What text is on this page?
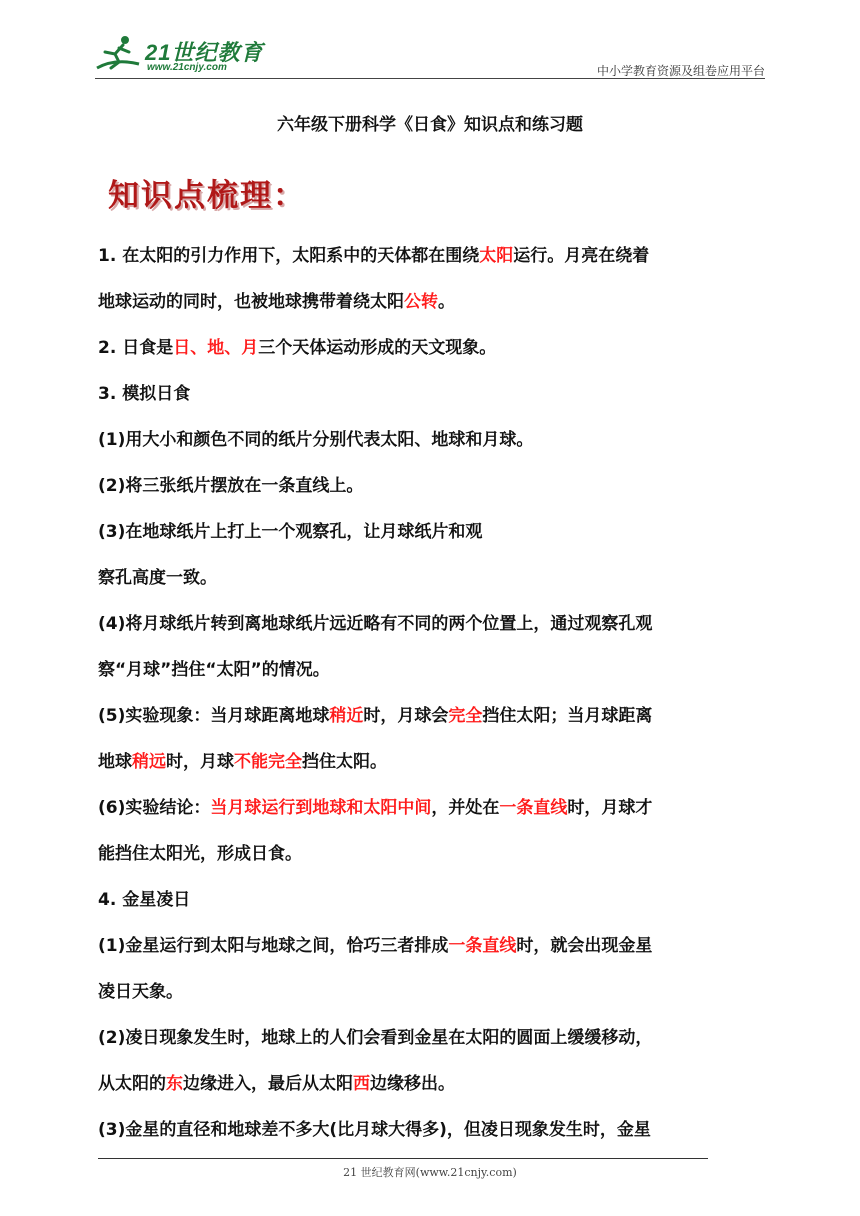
21世纪教育
www.21cnjy.com	中小学教育资源及组卷应用平台
六年级下册科学《日食》知识点和练习题
知识点梳理：
1. 在太阳的引力作用下，太阳系中的天体都在围绕太阳运行。月亮在绕着
地球运动的同时，也被地球携带着绕太阳公转。
2. 日食是日、地、月三个天体运动形成的天文现象。
3. 模拟日食
(1)用大小和颜色不同的纸片分别代表太阳、地球和月球。
(2)将三张纸片摆放在一条直线上。
(3)在地球纸片上打上一个观察孔，让月球纸片和观
察孔高度一致。
(4)将月球纸片转到离地球纸片远近略有不同的两个位置上，通过观察孔观
察“月球”挡住“太阳”的情况。
(5)实验现象：当月球距离地球稍近时，月球会完全挡住太阳；当月球距离
地球稍远时，月球不能完全挡住太阳。
(6)实验结论：当月球运行到地球和太阳中间，并处在一条直线时，月球才
能挡住太阳光，形成日食。
4. 金星凌日
(1)金星运行到太阳与地球之间，恰巧三者排成一条直线时，就会出现金星
凌日天象。
(2)凌日现象发生时，地球上的人们会看到金星在太阳的圆面上缓缓移动，
从太阳的东边缘进入，最后从太阳西边缘移出。
(3)金星的直径和地球差不多大(比月球大得多)，但凌日现象发生时，金星
21 世纪教育网(www.21cnjy.com)
